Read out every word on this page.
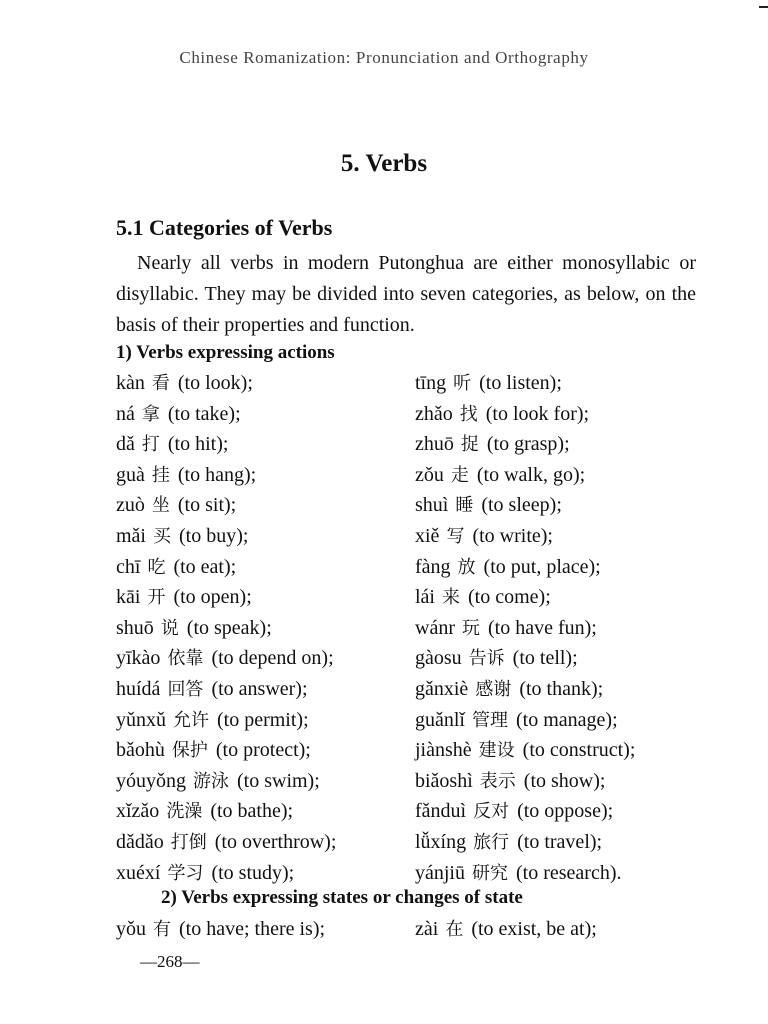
Chinese Romanization: Pronunciation and Orthography
5. Verbs
5.1 Categories of Verbs

Nearly all verbs in modern Putonghua are either monosyllabic or disyllabic. They may be divided into seven categories, as below, on the basis of their properties and function.

1) Verbs expressing actions
kàn 看 (to look);
ná 拿 (to take);
dǎ 打 (to hit);
guà 挂 (to hang);
zuò 坐 (to sit);
mǎi 买 (to buy);
chī 吃 (to eat);
kāi 开 (to open);
shuō 说 (to speak);
yīkào 依靠 (to depend on);
huídá 回答 (to answer);
yǔnxǔ 允许 (to permit);
bǎohù 保护 (to protect);
yóuyǒng 游泳 (to swim);
xǐzǎo 洗澡 (to bathe);
dǎdǎo 打倒 (to overthrow);
xuéxí 学习 (to study);
tīng 听 (to listen);
zhǎo 找 (to look for);
zhuō 捉 (to grasp);
zǒu 走 (to walk, go);
shuì 睡 (to sleep);
xiě 写 (to write);
fàng 放 (to put, place);
lái 来 (to come);
wánr 玩 (to have fun);
gàosu 告诉 (to tell);
gǎnxiè 感谢 (to thank);
guǎnlǐ 管理 (to manage);
jiànshè 建设 (to construct);
biǎoshì 表示 (to show);
fǎnduì 反对 (to oppose);
lǚxíng 旅行 (to travel);
yánjiū 研究 (to research).
2) Verbs expressing states or changes of state
yǒu 有 (to have; there is);	zài 在 (to exist, be at);
—268—
